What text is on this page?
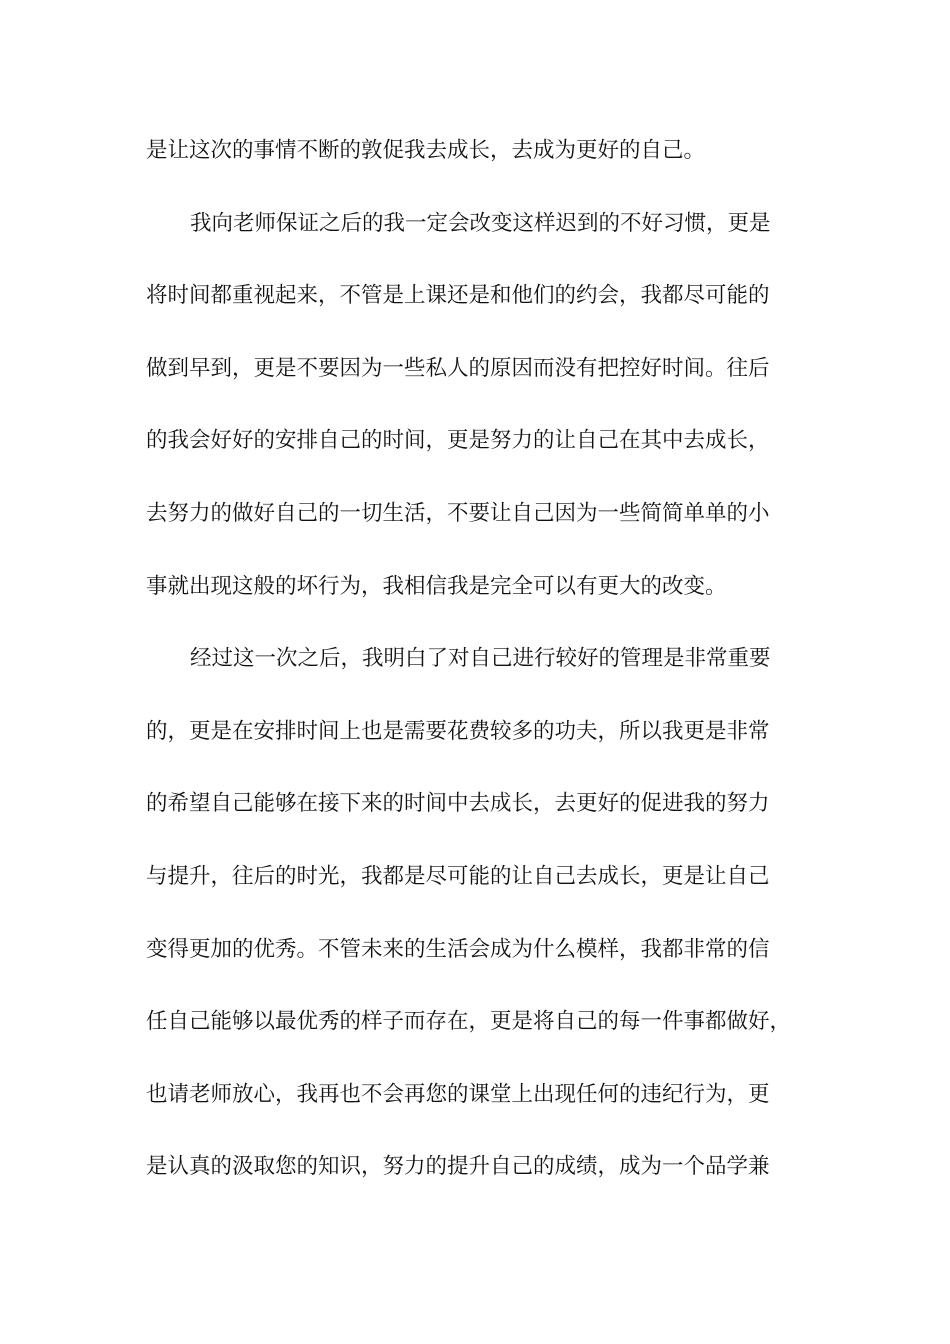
是让这次的事情不断的敦促我去成长，去成为更好的自己。
我向老师保证之后的我一定会改变这样迟到的不好习惯，更是
将时间都重视起来，不管是上课还是和他们的约会，我都尽可能的
做到早到，更是不要因为一些私人的原因而没有把控好时间。往后
的我会好好的安排自己的时间，更是努力的让自己在其中去成长，
去努力的做好自己的一切生活，不要让自己因为一些简简单单的小
事就出现这般的坏行为，我相信我是完全可以有更大的改变。
经过这一次之后，我明白了对自己进行较好的管理是非常重要
的，更是在安排时间上也是需要花费较多的功夫，所以我更是非常
的希望自己能够在接下来的时间中去成长，去更好的促进我的努力
与提升，往后的时光，我都是尽可能的让自己去成长，更是让自己
变得更加的优秀。不管未来的生活会成为什么模样，我都非常的信
任自己能够以最优秀的样子而存在，更是将自己的每一件事都做好，
也请老师放心，我再也不会再您的课堂上出现任何的违纪行为，更
是认真的汲取您的知识，努力的提升自己的成绩，成为一个品学兼
